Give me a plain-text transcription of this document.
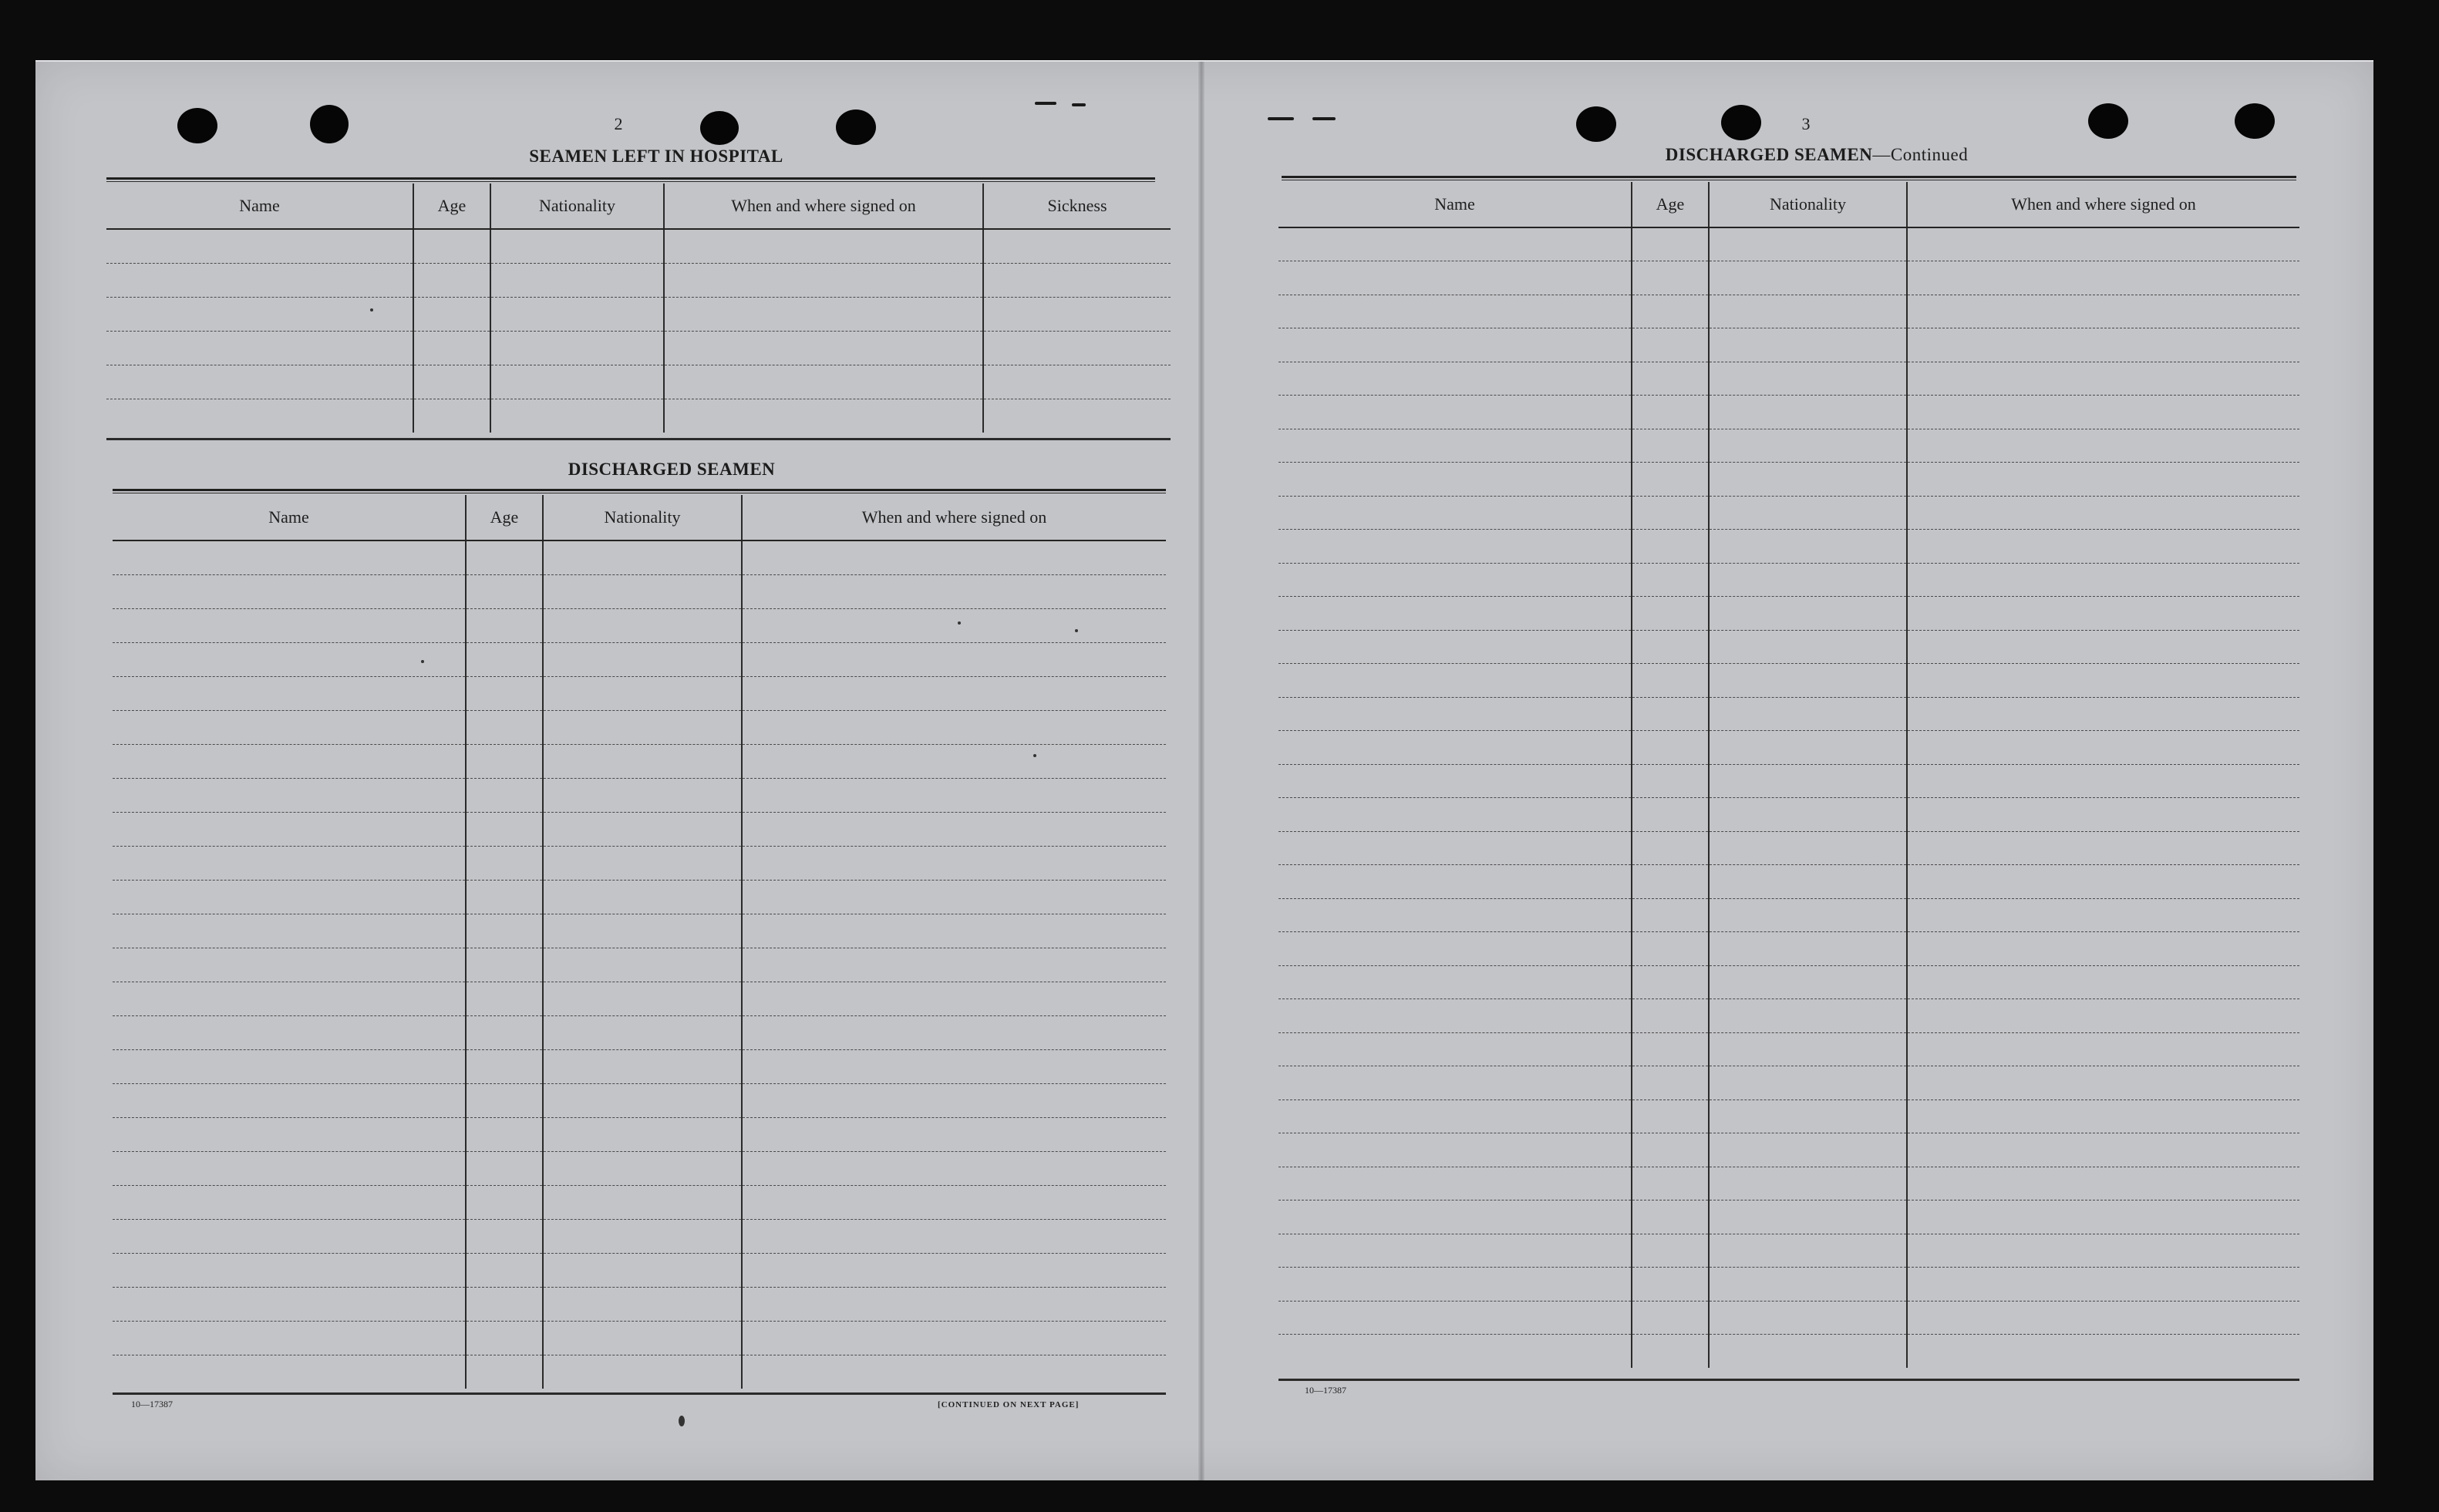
2
SEAMEN LEFT IN HOSPITAL
Name	Age	Nationality	When and where signed on	Sickness

DISCHARGED SEAMEN
Name	Age	Nationality	When and where signed on

10—17387	[CONTINUED ON NEXT PAGE]
3
DISCHARGED SEAMEN—Continued
Name	Age	Nationality	When and where signed on

10—17387
